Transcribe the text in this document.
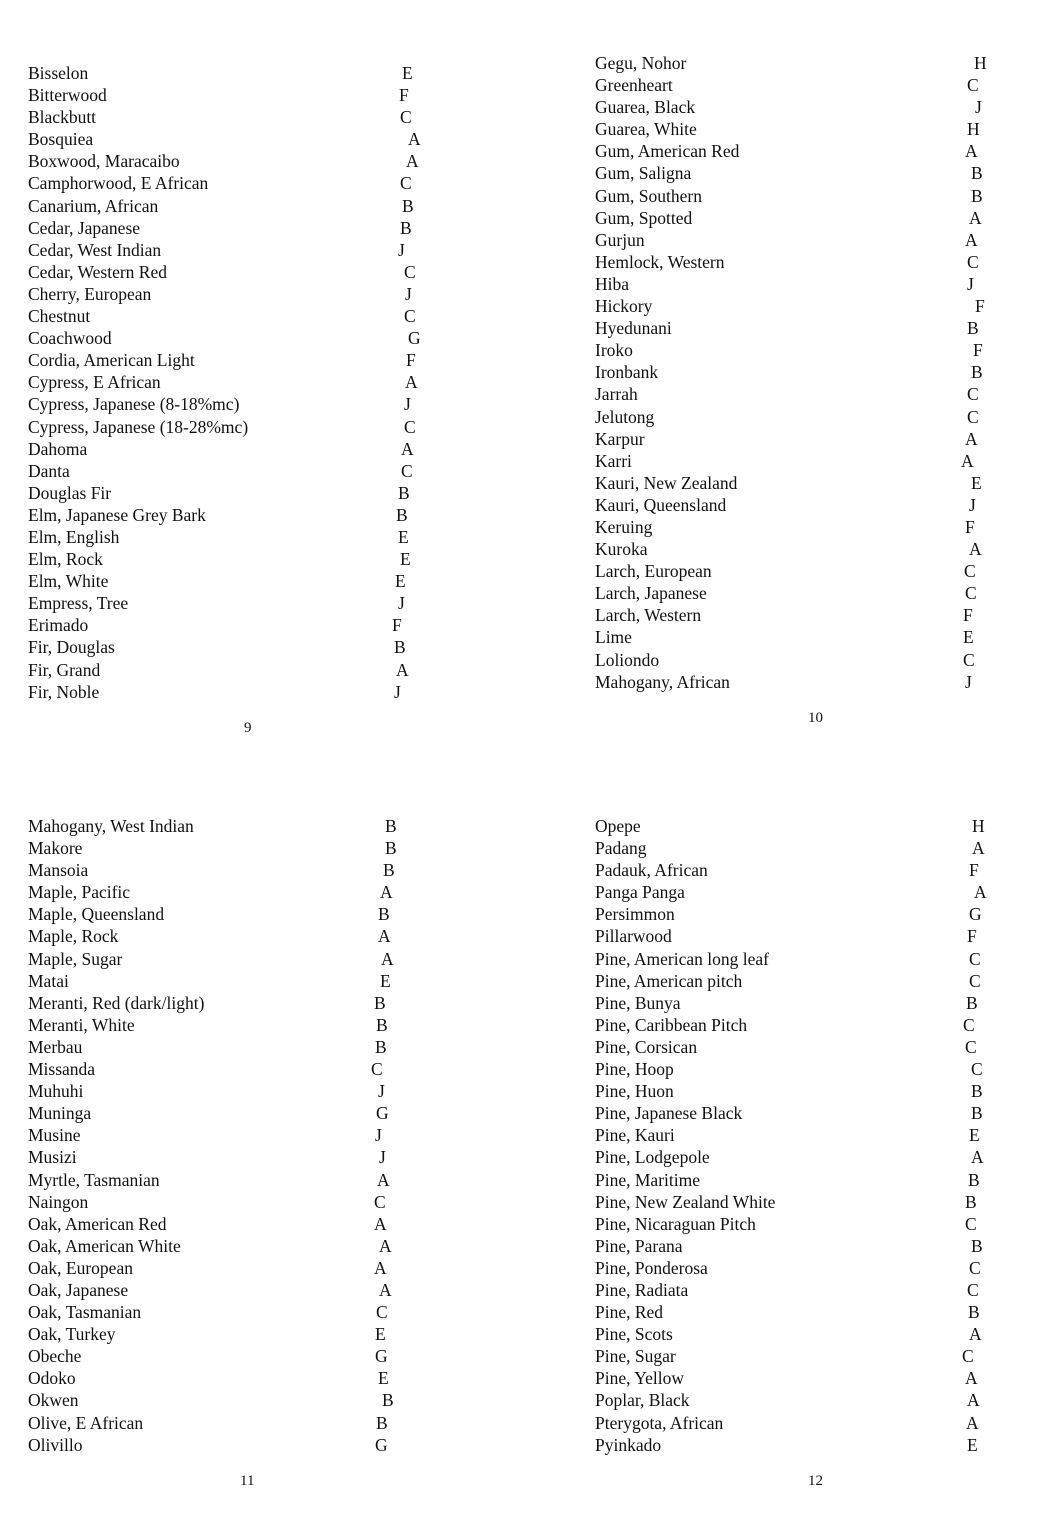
Bisselon	E
Bitterwood	F
Blackbutt	C
Bosquiea	A
Boxwood, Maracaibo	A
Camphorwood, E African	C
Canarium, African	B
Cedar, Japanese	B
Cedar, West Indian	J
Cedar, Western Red	C
Cherry, European	J
Chestnut	C
Coachwood	G
Cordia, American Light	F
Cypress, E African	A
Cypress, Japanese (8-18%mc)	J
Cypress, Japanese (18-28%mc)	C
Dahoma	A
Danta	C
Douglas Fir	B
Elm, Japanese Grey Bark	B
Elm, English	E
Elm, Rock	E
Elm, White	E
Empress, Tree	J
Erimado	F
Fir, Douglas	B
Fir, Grand	A
Fir, Noble	J
Gegu, Nohor	H
Greenheart	C
Guarea, Black	J
Guarea, White	H
Gum, American Red	A
Gum, Saligna	B
Gum, Southern	B
Gum, Spotted	A
Gurjun	A
Hemlock, Western	C
Hiba	J
Hickory	F
Hyedunani	B
Iroko	F
Ironbank	B
Jarrah	C
Jelutong	C
Karpur	A
Karri	A
Kauri, New Zealand	E
Kauri, Queensland	J
Keruing	F
Kuroka	A
Larch, European	C
Larch, Japanese	C
Larch, Western	F
Lime	E
Loliondo	C
Mahogany, African	J
Mahogany, West Indian	B
Makore	B
Mansoia	B
Maple, Pacific	A
Maple, Queensland	B
Maple, Rock	A
Maple, Sugar	A
Matai	E
Meranti, Red (dark/light)	B
Meranti, White	B
Merbau	B
Missanda	C
Muhuhi	J
Muninga	G
Musine	J
Musizi	J
Myrtle, Tasmanian	A
Naingon	C
Oak, American Red	A
Oak, American White	A
Oak, European	A
Oak, Japanese	A
Oak, Tasmanian	C
Oak, Turkey	E
Obeche	G
Odoko	E
Okwen	B
Olive, E African	B
Olivillo	G
Opepe	H
Padang	A
Padauk, African	F
Panga Panga	A
Persimmon	G
Pillarwood	F
Pine, American long leaf	C
Pine, American pitch	C
Pine, Bunya	B
Pine, Caribbean Pitch	C
Pine, Corsican	C
Pine, Hoop	C
Pine, Huon	B
Pine, Japanese Black	B
Pine, Kauri	E
Pine, Lodgepole	A
Pine, Maritime	B
Pine, New Zealand White	B
Pine, Nicaraguan Pitch	C
Pine, Parana	B
Pine, Ponderosa	C
Pine, Radiata	C
Pine, Red	B
Pine, Scots	A
Pine, Sugar	C
Pine, Yellow	A
Poplar, Black	A
Pterygota, African	A
Pyinkado	E
9
10
11	12
